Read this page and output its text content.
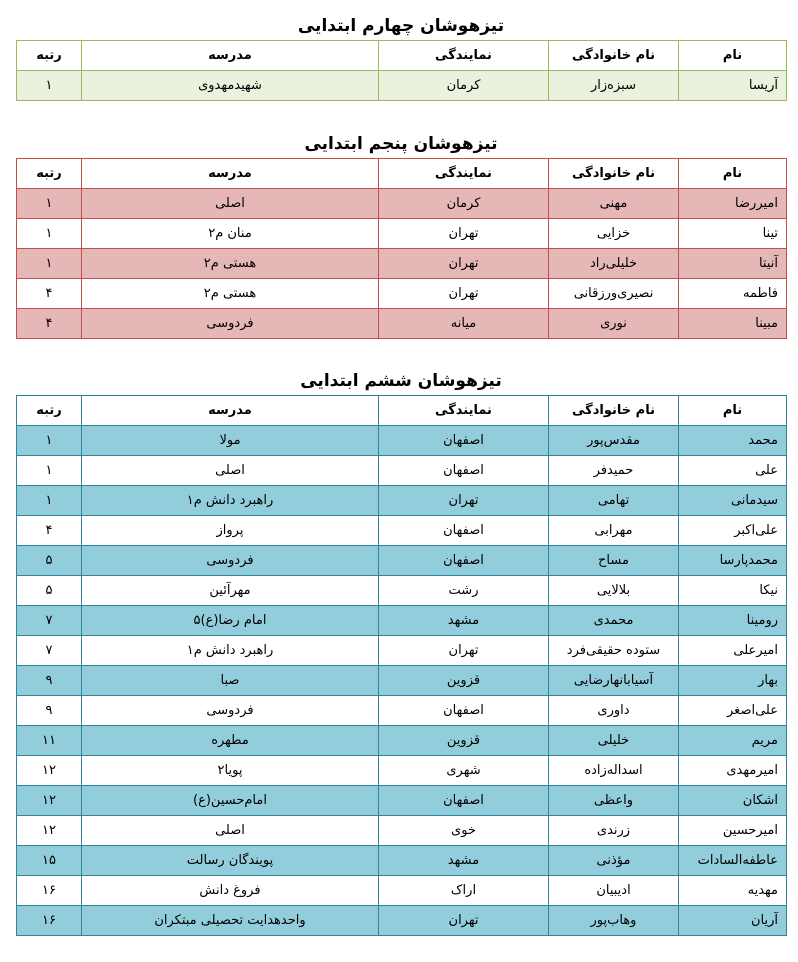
تیزهوشان چهارم ابتدایی
نام	نام خانوادگی	نمایندگی	مدرسه	رتبه
آریسا	سبزه‌زار	کرمان	شهیدمهدوی	۱
تیزهوشان پنجم ابتدایی
نام	نام خانوادگی	نمایندگی	مدرسه	رتبه
امیررضا	مهنی	کرمان	اصلی	۱
تینا	خزایی	تهران	منان م۲	۱
آنیتا	خلیلی‌راد	تهران	هستی م۲	۱
فاطمه	نصیری‌ورزقانی	تهران	هستی م۲	۴
مبینا	نوری	میانه	فردوسی	۴
تیزهوشان ششم ابتدایی
نام	نام خانوادگی	نمایندگی	مدرسه	رتبه
محمد	مقدس‌پور	اصفهان	مولا	۱
علی	حمیدفر	اصفهان	اصلی	۱
سیدمانی	تهامی	تهران	راهبرد دانش م۱	۱
علی‌اکبر	مهرابی	اصفهان	پرواز	۴
محمدپارسا	مساح	اصفهان	فردوسی	۵
نیکا	بلالایی	رشت	مهرآئین	۵
رومینا	محمدی	مشهد	امام رضا(ع)۵	۷
امیرعلی	ستوده حقیقی‌فرد	تهران	راهبرد دانش م۱	۷
بهار	آسیابانهارضایی	قزوین	صبا	۹
علی‌اصغر	داوری	اصفهان	فردوسی	۹
مریم	خلیلی	قزوین	مطهره	۱۱
امیرمهدی	اسداله‌زاده	شهری	پویا۲	۱۲
اشکان	واعظی	اصفهان	امام‌حسین(ع)	۱۲
امیرحسین	زرندی	خوی	اصلی	۱۲
عاطفه‌السادات	مؤذنی	مشهد	پویندگان رسالت	۱۵
مهدیه	ادیبیان	اراک	فروغ دانش	۱۶
آریان	وهاب‌پور	تهران	واحدهدایت تحصیلی مبتکران	۱۶
